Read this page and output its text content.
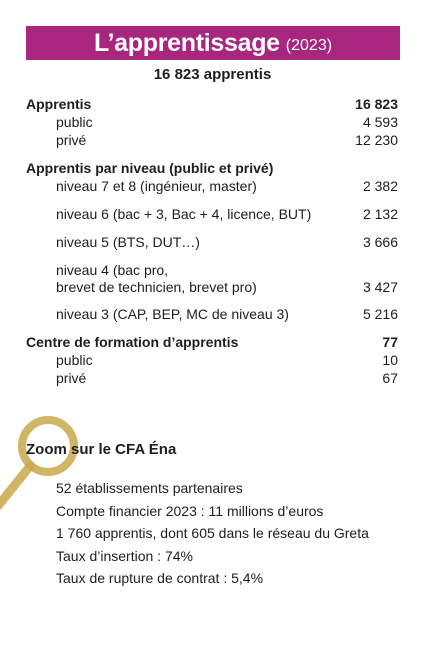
L’apprentissage (2023)
16 823 apprentis
Apprentis	16 823
public	4 593
privé	12 230
Apprentis par niveau (public et privé)
niveau 7 et 8 (ingénieur, master)	2 382
niveau 6 (bac + 3, Bac + 4, licence, BUT)	2 132
niveau 5 (BTS, DUT…)	3 666
niveau 4 (bac pro,
brevet de technicien, brevet pro)	3 427
niveau 3 (CAP, BEP, MC de niveau 3)	5 216
Centre de formation d’apprentis	77
public	10
privé	67
Zoom sur le CFA Éna
52 établissements partenaires
Compte financier 2023 : 11 millions d’euros
1 760 apprentis, dont 605 dans le réseau du Greta
Taux d’insertion : 74%
Taux de rupture de contrat : 5,4%
